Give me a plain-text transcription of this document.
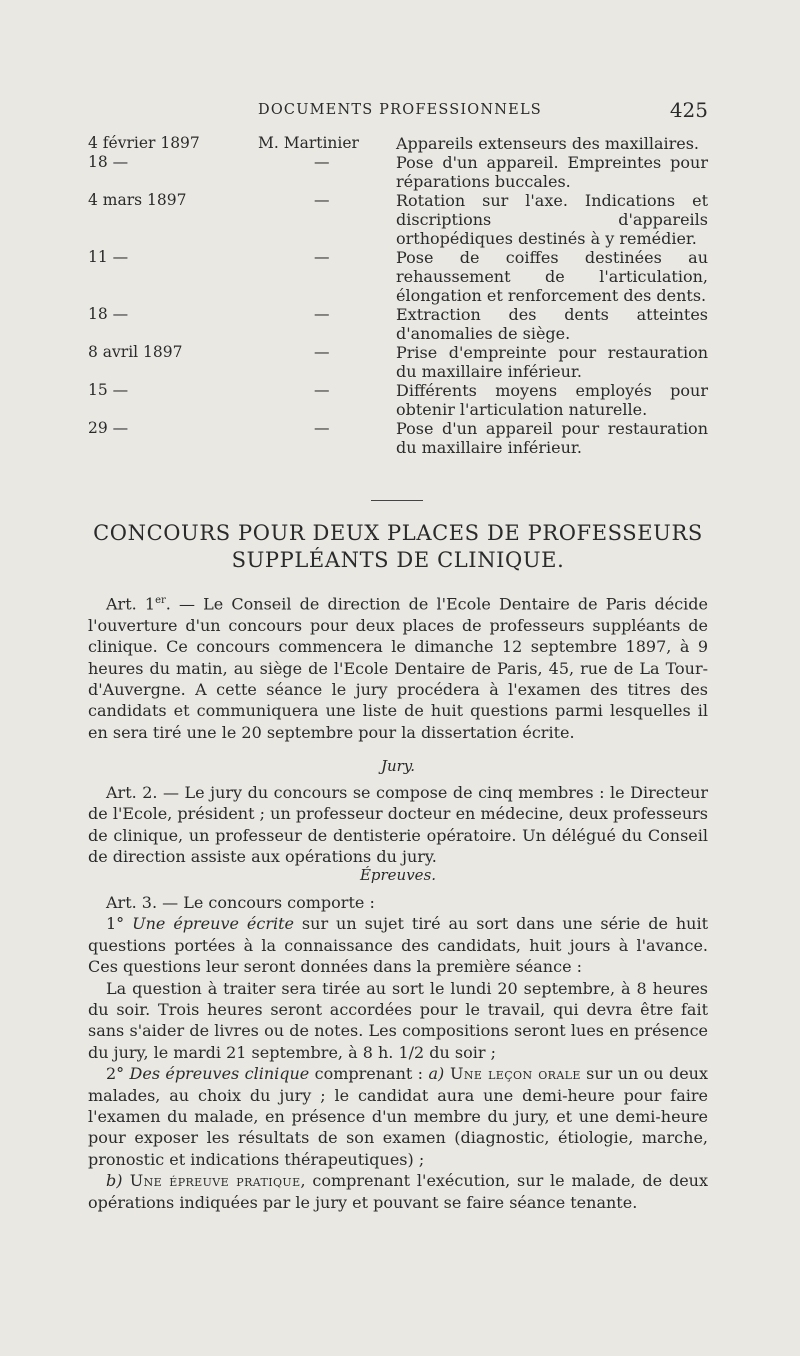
DOCUMENTS PROFESSIONNELS	425
4 février 1897	M. Martinier	Appareils extenseurs des maxillaires.
18 —	—	Pose d'un appareil. Empreintes pour réparations buccales.
4 mars 1897	—	Rotation sur l'axe. Indications et discriptions d'appareils orthopédiques destinés à y remédier.
11 —	—	Pose de coiffes destinées au rehaussement de l'articulation, élongation et renforcement des dents.
18 —	—	Extraction des dents atteintes d'anomalies de siège.
8 avril 1897	—	Prise d'empreinte pour restauration du maxillaire inférieur.
15 —	—	Différents moyens employés pour obtenir l'articulation naturelle.
29 —	—	Pose d'un appareil pour restauration du maxillaire inférieur.
CONCOURS POUR DEUX PLACES DE PROFESSEURS
SUPPLÉANTS DE CLINIQUE.

Art. 1er. — Le Conseil de direction de l'Ecole Dentaire de Paris décide l'ouverture d'un concours pour deux places de professeurs suppléants de clinique. Ce concours commencera le dimanche 12 septembre 1897, à 9 heures du matin, au siège de l'Ecole Dentaire de Paris, 45, rue de La Tour-d'Auvergne. A cette séance le jury procédera à l'examen des titres des candidats et communiquera une liste de huit questions parmi lesquelles il en sera tiré une le 20 septembre pour la dissertation écrite.

Jury.

Art. 2. — Le jury du concours se compose de cinq membres : le Directeur de l'Ecole, président ; un professeur docteur en médecine, deux professeurs de clinique, un professeur de dentisterie opératoire. Un délégué du Conseil de direction assiste aux opérations du jury.

Épreuves.

Art. 3. — Le concours comporte :

1° Une épreuve écrite sur un sujet tiré au sort dans une série de huit questions portées à la connaissance des candidats, huit jours à l'avance. Ces questions leur seront données dans la première séance :

La question à traiter sera tirée au sort le lundi 20 septembre, à 8 heures du soir. Trois heures seront accordées pour le travail, qui devra être fait sans s'aider de livres ou de notes. Les compositions seront lues en présence du jury, le mardi 21 septembre, à 8 h. 1/2 du soir ;

2° Des épreuves clinique comprenant : a) Une leçon orale sur un ou deux malades, au choix du jury ; le candidat aura une demi-heure pour faire l'examen du malade, en présence d'un membre du jury, et une demi-heure pour exposer les résultats de son examen (diagnostic, étiologie, marche, pronostic et indications thérapeutiques) ;

b) Une épreuve pratique, comprenant l'exécution, sur le malade, de deux opérations indiquées par le jury et pouvant se faire séance tenante.
